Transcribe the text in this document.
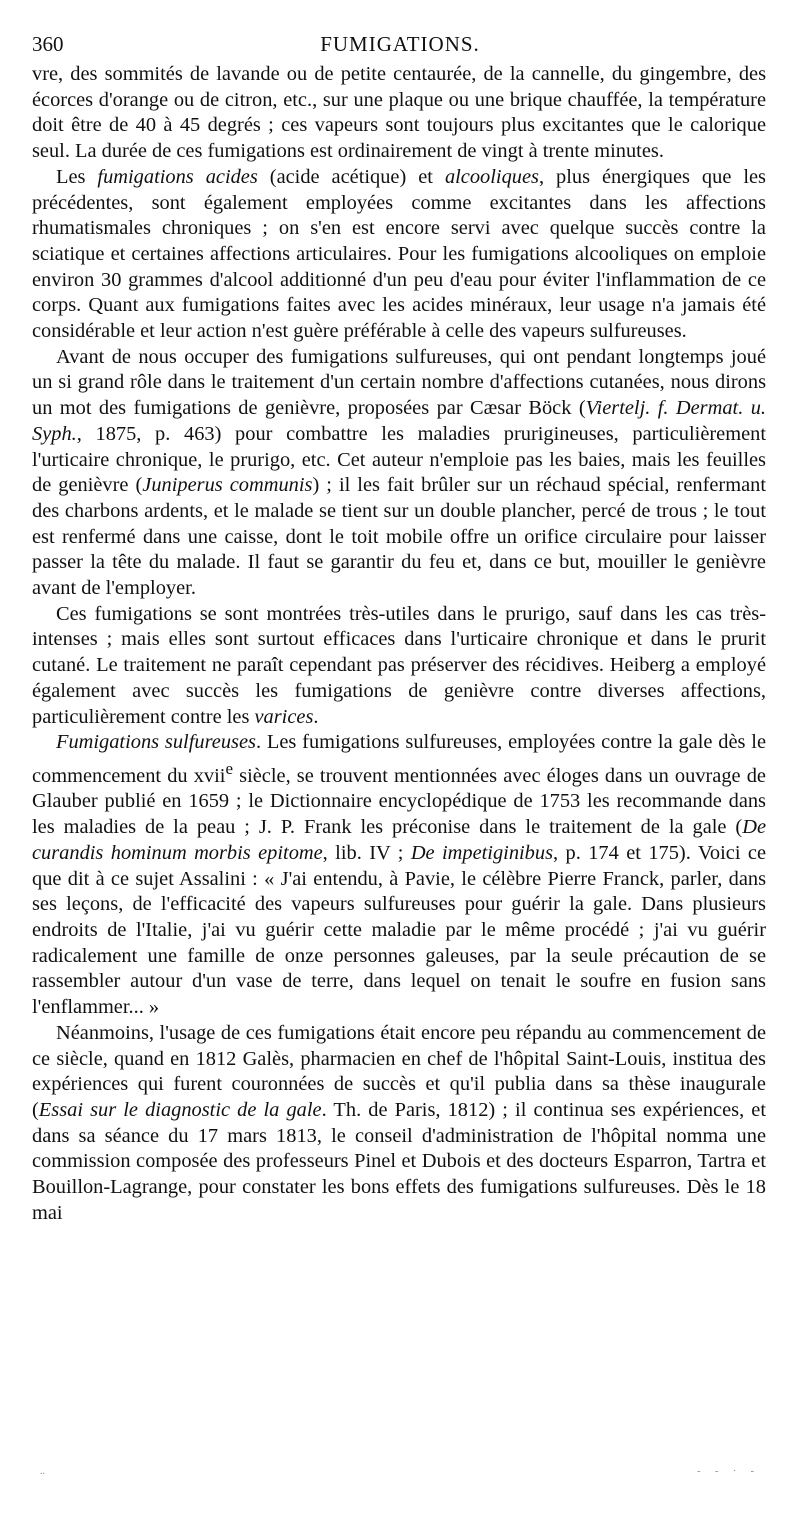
360	FUMIGATIONS.

vre, des sommités de lavande ou de petite centaurée, de la cannelle, du gingembre, des écorces d'orange ou de citron, etc., sur une plaque ou une brique chauffée, la température doit être de 40 à 45 degrés ; ces vapeurs sont toujours plus excitantes que le calorique seul. La durée de ces fumigations est ordinairement de vingt à trente minutes.

Les fumigations acides (acide acétique) et alcooliques, plus énergiques que les précédentes, sont également employées comme excitantes dans les affections rhumatismales chroniques ; on s'en est encore servi avec quelque succès contre la sciatique et certaines affections articulaires. Pour les fumigations alcooliques on emploie environ 30 grammes d'alcool additionné d'un peu d'eau pour éviter l'inflammation de ce corps. Quant aux fumigations faites avec les acides minéraux, leur usage n'a jamais été considérable et leur action n'est guère préférable à celle des vapeurs sulfureuses.

Avant de nous occuper des fumigations sulfureuses, qui ont pendant longtemps joué un si grand rôle dans le traitement d'un certain nombre d'affections cutanées, nous dirons un mot des fumigations de genièvre, proposées par Cæsar Böck (Viertelj. f. Dermat. u. Syph., 1875, p. 463) pour combattre les maladies prurigineuses, particulièrement l'urticaire chronique, le prurigo, etc. Cet auteur n'emploie pas les baies, mais les feuilles de genièvre (Juniperus communis) ; il les fait brûler sur un réchaud spécial, renfermant des charbons ardents, et le malade se tient sur un double plancher, percé de trous ; le tout est renfermé dans une caisse, dont le toit mobile offre un orifice circulaire pour laisser passer la tête du malade. Il faut se garantir du feu et, dans ce but, mouiller le genièvre avant de l'employer.

Ces fumigations se sont montrées très-utiles dans le prurigo, sauf dans les cas très-intenses ; mais elles sont surtout efficaces dans l'urticaire chronique et dans le prurit cutané. Le traitement ne paraît cependant pas préserver des récidives. Heiberg a employé également avec succès les fumigations de genièvre contre diverses affections, particulièrement contre les varices.

Fumigations sulfureuses. Les fumigations sulfureuses, employées contre la gale dès le commencement du xvii$^e$ siècle, se trouvent mentionnées avec éloges dans un ouvrage de Glauber publié en 1659 ; le Dictionnaire encyclopédique de 1753 les recommande dans les maladies de la peau ; J. P. Frank les préconise dans le traitement de la gale (De curandis hominum morbis epitome, lib. IV ; De impetiginibus, p. 174 et 175). Voici ce que dit à ce sujet Assalini : « J'ai entendu, à Pavie, le célèbre Pierre Franck, parler, dans ses leçons, de l'efficacité des vapeurs sulfureuses pour guérir la gale. Dans plusieurs endroits de l'Italie, j'ai vu guérir cette maladie par le même procédé ; j'ai vu guérir radicalement une famille de onze personnes galeuses, par la seule précaution de se rassembler autour d'un vase de terre, dans lequel on tenait le soufre en fusion sans l'enflammer... »

Néanmoins, l'usage de ces fumigations était encore peu répandu au commencement de ce siècle, quand en 1812 Galès, pharmacien en chef de l'hôpital Saint-Louis, institua des expériences qui furent couronnées de succès et qu'il publia dans sa thèse inaugurale (Essai sur le diagnostic de la gale. Th. de Paris, 1812) ; il continua ses expériences, et dans sa séance du 17 mars 1813, le conseil d'administration de l'hôpital nomma une commission composée des professeurs Pinel et Dubois et des docteurs Esparron, Tartra et Bouillon-Lagrange, pour constater les bons effets des fumigations sulfureuses. Dès le 18 mai

..	- - · -
